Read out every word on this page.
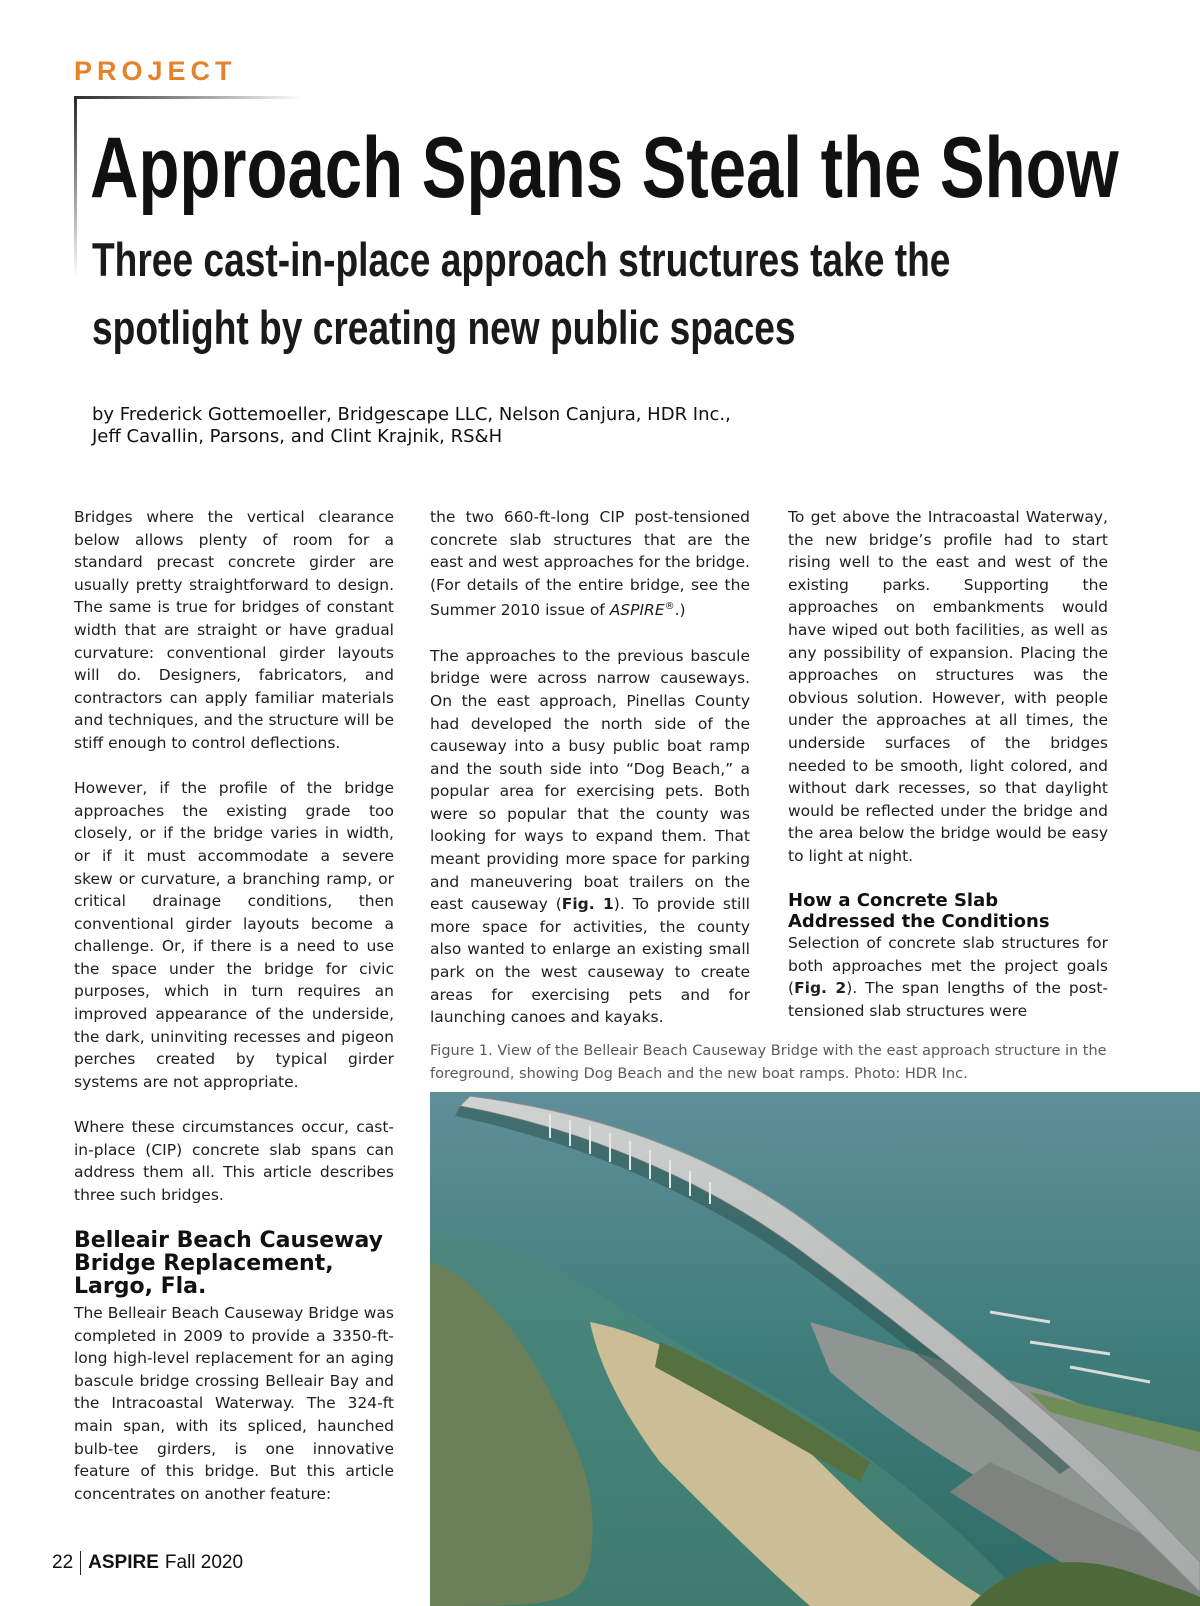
PROJECT
Approach Spans Steal the Show
Three cast-in-place approach structures take the spotlight by creating new public spaces
by Frederick Gottemoeller, Bridgescape LLC, Nelson Canjura, HDR Inc.,
Jeff Cavallin, Parsons, and Clint Krajnik, RS&H

Bridges where the vertical clearance below allows plenty of room for a standard precast concrete girder are usually pretty straightforward to design. The same is true for bridges of constant width that are straight or have gradual curvature: conventional girder layouts will do. Designers, fabricators, and contractors can apply familiar materials and techniques, and the structure will be stiff enough to control deflections.

However, if the profile of the bridge approaches the existing grade too closely, or if the bridge varies in width, or if it must accommodate a severe skew or curvature, a branching ramp, or critical drainage conditions, then conventional girder layouts become a challenge. Or, if there is a need to use the space under the bridge for civic purposes, which in turn requires an improved appearance of the underside, the dark, uninviting recesses and pigeon perches created by typical girder systems are not appropriate.

Where these circumstances occur, cast-in-place (CIP) concrete slab spans can address them all. This article describes three such bridges.

Belleair Beach Causeway Bridge Replacement, Largo, Fla.

The Belleair Beach Causeway Bridge was completed in 2009 to provide a 3350-ft-long high-level replacement for an aging bascule bridge crossing Belleair Bay and the Intracoastal Waterway. The 324-ft main span, with its spliced, haunched bulb-tee girders, is one innovative feature of this bridge. But this article concentrates on another feature:

the two 660-ft-long CIP post-tensioned concrete slab structures that are the east and west approaches for the bridge. (For details of the entire bridge, see the Summer 2010 issue of ASPIRE®.)

The approaches to the previous bascule bridge were across narrow causeways. On the east approach, Pinellas County had developed the north side of the causeway into a busy public boat ramp and the south side into “Dog Beach,” a popular area for exercising pets. Both were so popular that the county was looking for ways to expand them. That meant providing more space for parking and maneuvering boat trailers on the east causeway (Fig. 1). To provide still more space for activities, the county also wanted to enlarge an existing small park on the west causeway to create areas for exercising pets and for launching canoes and kayaks.

To get above the Intracoastal Waterway, the new bridge’s profile had to start rising well to the east and west of the existing parks. Supporting the approaches on embankments would have wiped out both facilities, as well as any possibility of expansion. Placing the approaches on structures was the obvious solution. However, with people under the approaches at all times, the underside surfaces of the bridges needed to be smooth, light colored, and without dark recesses, so that daylight would be reflected under the bridge and the area below the bridge would be easy to light at night.

How a Concrete Slab Addressed the Conditions

Selection of concrete slab structures for both approaches met the project goals (Fig. 2). The span lengths of the post-tensioned slab structures were

Figure 1. View of the Belleair Beach Causeway Bridge with the east approach structure in the foreground, showing Dog Beach and the new boat ramps. Photo: HDR Inc.

22 ASPIRE Fall 2020
